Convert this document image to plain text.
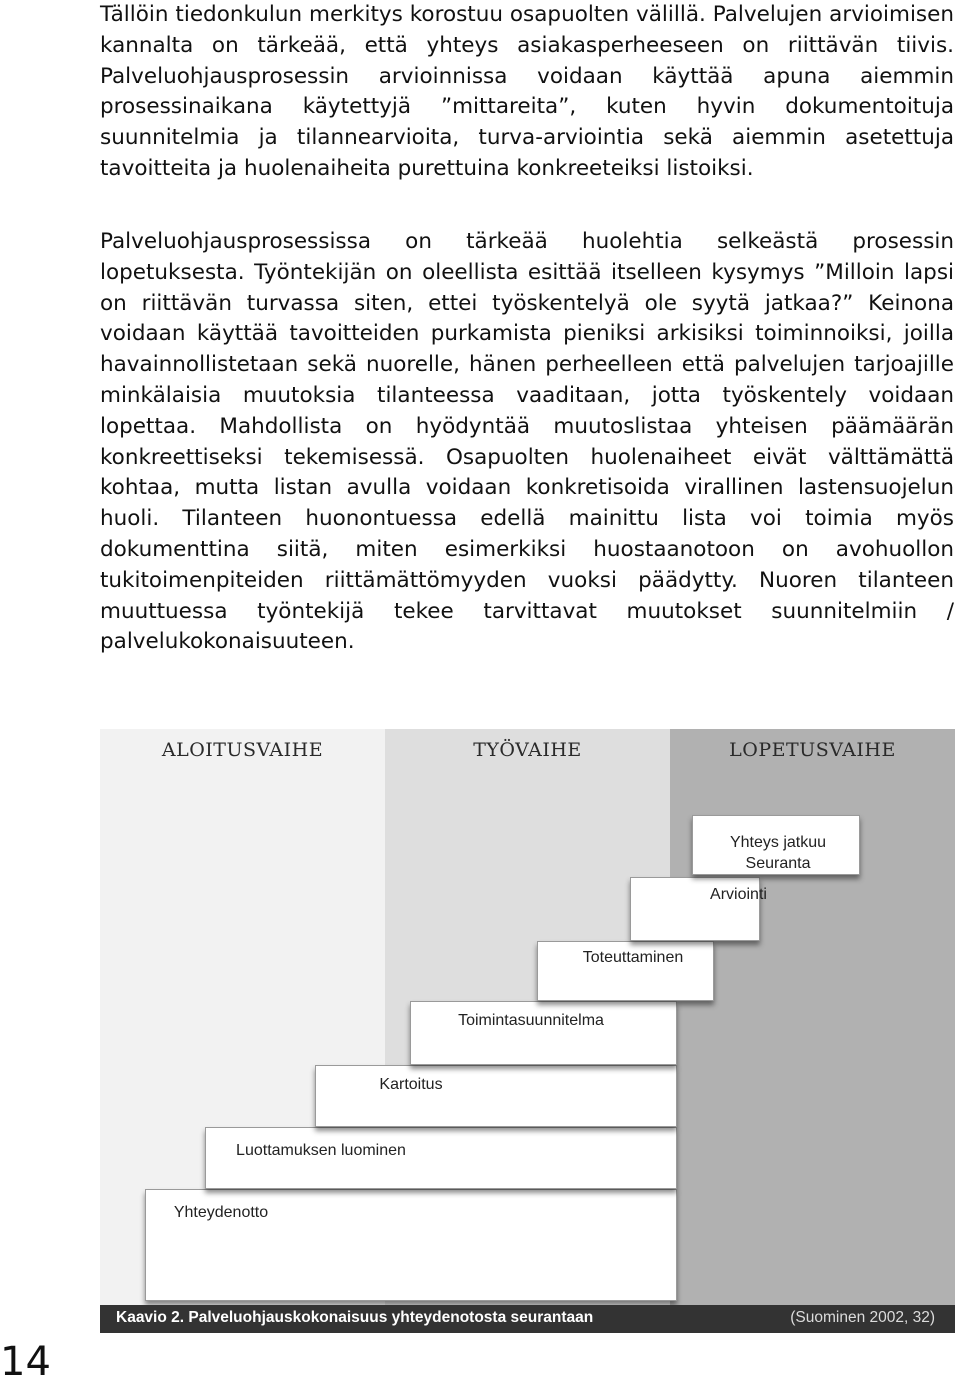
Tällöin tiedonkulun merkitys korostuu osapuolten välillä. Palvelujen arvioimisen kannalta on tärkeää, että yhteys asiakasperheeseen on riittävän tiivis. Palveluohjausprosessin arvioinnissa voidaan käyttää apuna aiemmin prosessinaikana käytettyjä ”mittareita”, kuten hyvin dokumentoituja suunnitelmia ja tilannearvioita, turva-arviointia sekä aiemmin asetettuja tavoitteita ja huolenaiheita purettuina konkreeteiksi listoiksi.

Palveluohjausprosessissa on tärkeää huolehtia selkeästä prosessin lopetuksesta. Työntekijän on oleellista esittää itselleen kysymys ”Milloin lapsi on riittävän turvassa siten, ettei työskentelyä ole syytä jatkaa?” Keinona voidaan käyttää tavoitteiden purkamista pieniksi arkisiksi toiminnoiksi, joilla havainnollistetaan sekä nuorelle, hänen perheelleen että palvelujen tarjoajille minkälaisia muutoksia tilanteessa vaaditaan, jotta työskentely voidaan lopettaa. Mahdollista on hyödyntää muutoslistaa yhteisen päämäärän konkreettiseksi tekemisessä. Osapuolten huolenaiheet eivät välttämättä kohtaa, mutta listan avulla voidaan konkretisoida virallinen lastensuojelun huoli. Tilanteen huonontuessa edellä mainittu lista voi toimia myös dokumenttina siitä, miten esimerkiksi huostaanotoon on avohuollon tukitoimenpiteiden riittämättömyyden vuoksi päädytty. Nuoren tilanteen muuttuessa työntekijä tekee tarvittavat muutokset suunnitelmiin / palvelukokonaisuuteen.

ALOITUSVAIHE	TYÖVAIHE	LOPETUSVAIHE
Yhteydenotto
Luottamuksen luominen
Kartoitus
Toimintasuunnitelma
Toteuttaminen
Arviointi
Yhteys jatkuu
Seuranta
Kaavio 2. Palveluohjauskokonaisuus yhteydenotosta seurantaan	(Suominen 2002, 32)
14
